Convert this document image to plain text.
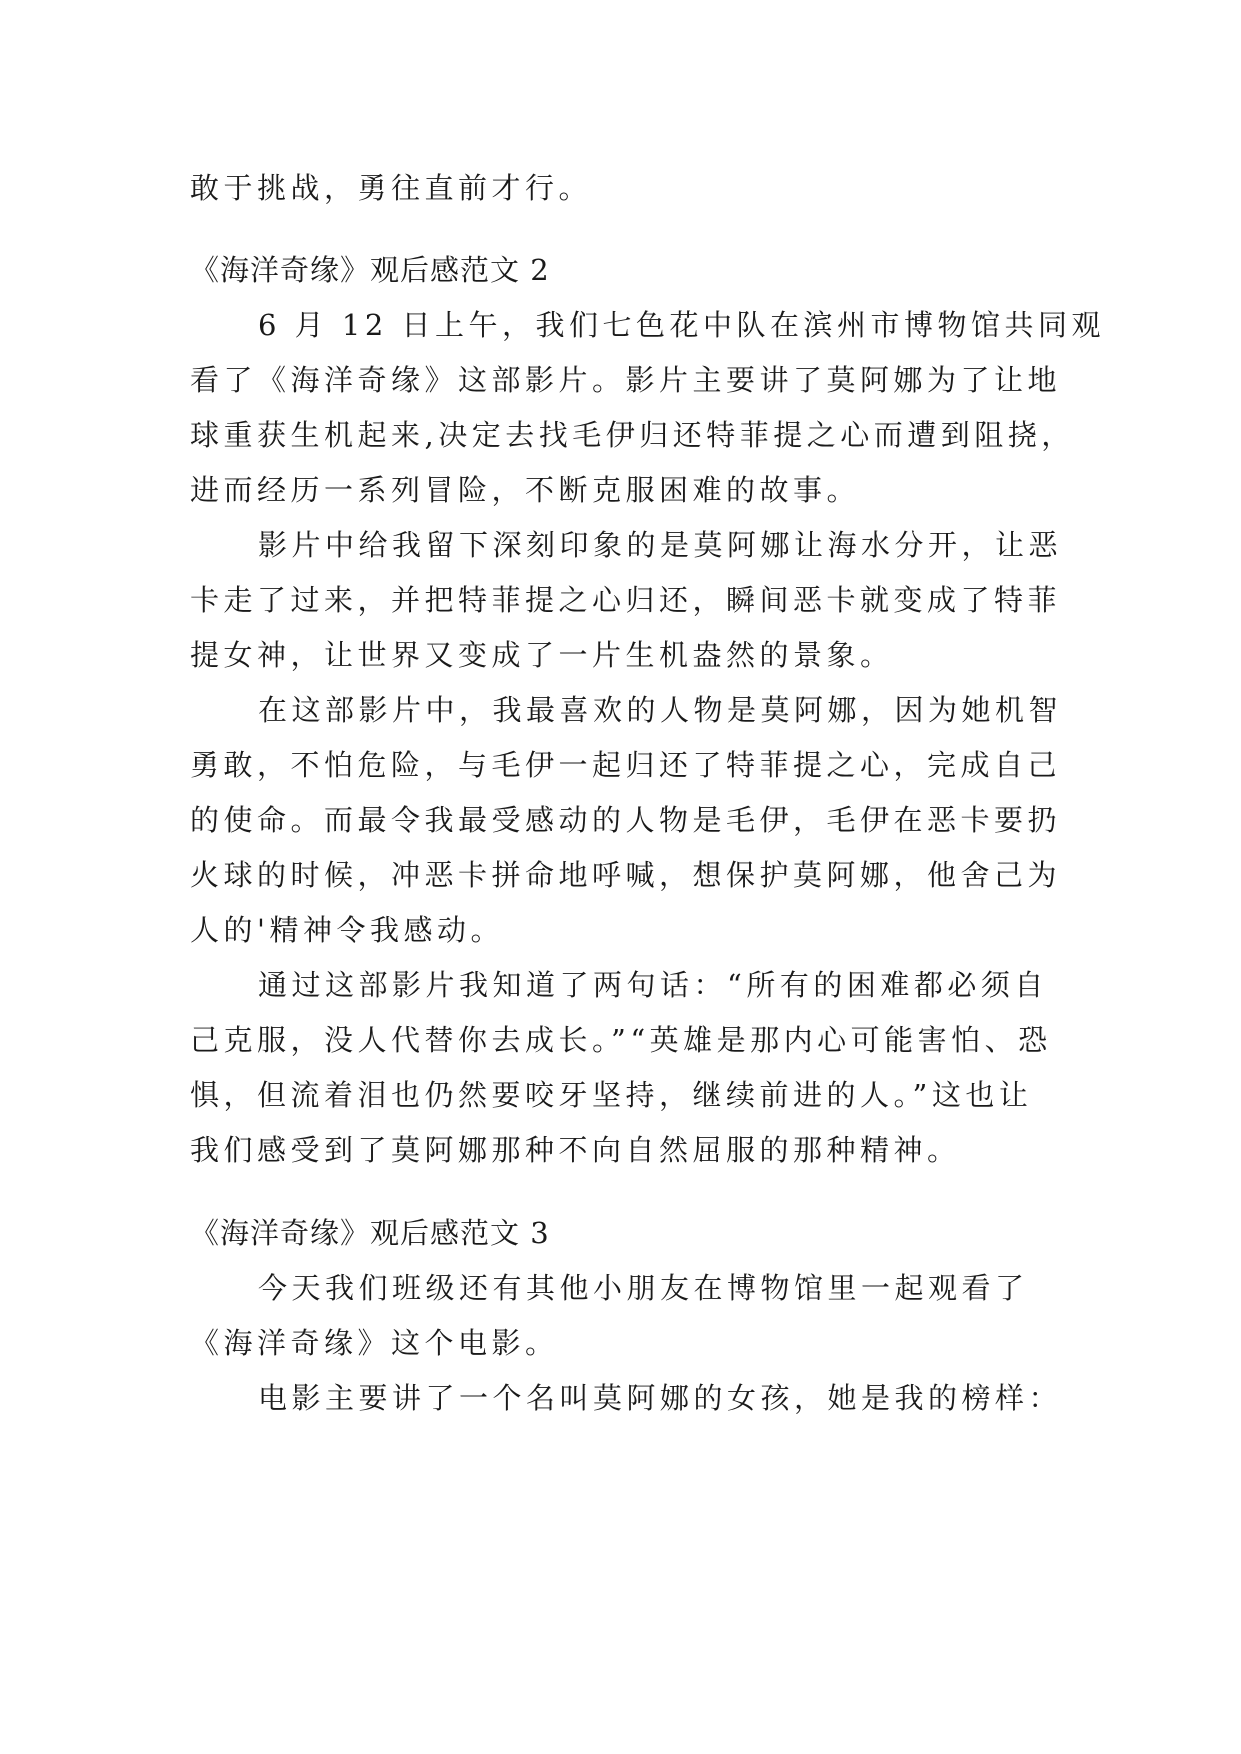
敢于挑战，勇往直前才行。
《海洋奇缘》观后感范文 2
6 月 12 日上午，我们七色花中队在滨州市博物馆共同观
看了《海洋奇缘》这部影片。影片主要讲了莫阿娜为了让地
球重获生机起来,决定去找毛伊归还特菲提之心而遭到阻挠，
进而经历一系列冒险，不断克服困难的故事。
影片中给我留下深刻印象的是莫阿娜让海水分开，让恶
卡走了过来，并把特菲提之心归还，瞬间恶卡就变成了特菲
提女神，让世界又变成了一片生机盎然的景象。
在这部影片中，我最喜欢的人物是莫阿娜，因为她机智
勇敢，不怕危险，与毛伊一起归还了特菲提之心，完成自己
的使命。而最令我最受感动的人物是毛伊，毛伊在恶卡要扔
火球的时候，冲恶卡拼命地呼喊，想保护莫阿娜，他舍己为
人的'精神令我感动。
通过这部影片我知道了两句话：“所有的困难都必须自
己克服，没人代替你去成长。”“英雄是那内心可能害怕、恐
惧，但流着泪也仍然要咬牙坚持，继续前进的人。”这也让
我们感受到了莫阿娜那种不向自然屈服的那种精神。
《海洋奇缘》观后感范文 3
今天我们班级还有其他小朋友在博物馆里一起观看了
《海洋奇缘》这个电影。
电影主要讲了一个名叫莫阿娜的女孩，她是我的榜样：
